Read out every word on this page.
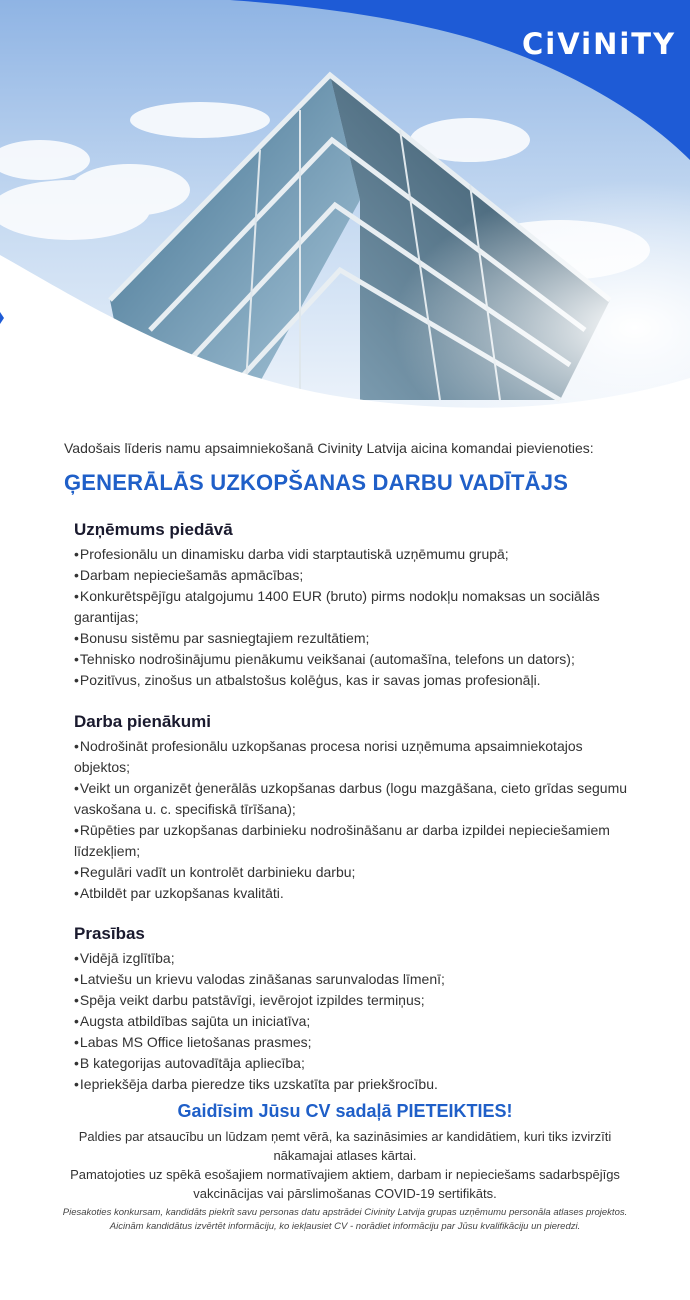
CiViNiTY
Vadošais līderis namu apsaimniekošanā Civinity Latvija aicina komandai pievienoties:
ĢENERĀLĀS UZKOPŠANAS DARBU VADĪTĀJS
Uzņēmums piedāvā
• Profesionālu un dinamisku darba vidi starptautiskā uzņēmumu grupā;
• Darbam nepieciešamās apmācības;
• Konkurētspējīgu atalgojumu 1400 EUR (bruto) pirms nodokļu nomaksas un sociālās garantijas;
• Bonusu sistēmu par sasniegtajiem rezultātiem;
• Tehnisko nodrošinājumu pienākumu veikšanai (automašīna, telefons un dators);
• Pozitīvus, zinošus un atbalstošus kolēģus, kas ir savas jomas profesionāļi.
Darba pienākumi
• Nodrošināt profesionālu uzkopšanas procesa norisi uzņēmuma apsaimniekotajos objektos;
• Veikt un organizēt ģenerālās uzkopšanas darbus (logu mazgāšana, cieto grīdas segumu vaskošana u. c. specifiskā tīrīšana);
• Rūpēties par uzkopšanas darbinieku nodrošināšanu ar darba izpildei nepieciešamiem līdzekļiem;
• Regulāri vadīt un kontrolēt darbinieku darbu;
• Atbildēt par uzkopšanas kvalitāti.
Prasības
• Vidējā izglītība;
• Latviešu un krievu valodas zināšanas sarunvalodas līmenī;
• Spēja veikt darbu patstāvīgi, ievērojot izpildes termiņus;
• Augsta atbildības sajūta un iniciatīva;
• Labas MS Office lietošanas prasmes;
• B kategorijas autovadītāja apliecība;
• Iepriekšēja darba pieredze tiks uzskatīta par priekšrocību.
Gaidīsim Jūsu CV sadaļā PIETEIKTIES!
Paldies par atsaucību un lūdzam ņemt vērā, ka sazināsimies ar kandidātiem, kuri tiks izvirzīti nākamajai atlases kārtai.
Pamatojoties uz spēkā esošajiem normatīvajiem aktiem, darbam ir nepieciešams sadarbspējīgs vakcinācijas vai pārslimošanas COVID-19 sertifikāts.
Piesakoties konkursam, kandidāts piekrīt savu personas datu apstrādei Civinity Latvija grupas uzņēmumu personāla atlases projektos. Aicinām kandidātus izvērtēt informāciju, ko iekļausiet CV - norādiet informāciju par Jūsu kvalifikāciju un pieredzi.
